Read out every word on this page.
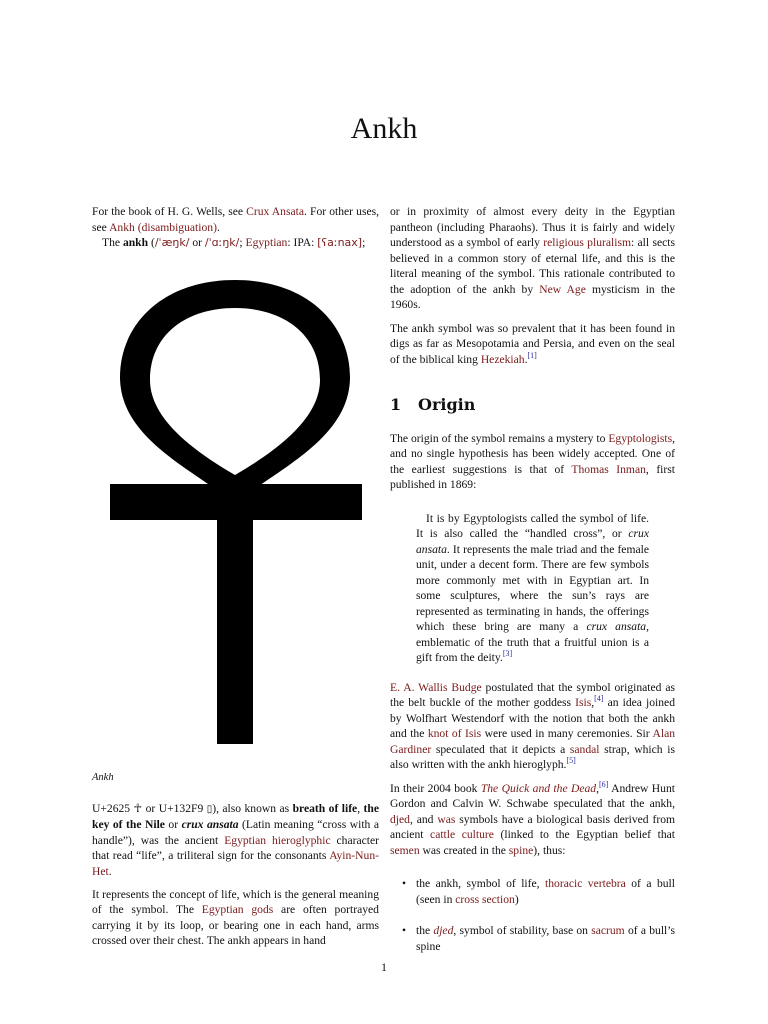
Ankh

For the book of H. G. Wells, see Crux Ansata. For other uses, see Ankh (disambiguation).

The ankh (/ˈæŋk/ or /ˈɑːŋk/; Egyptian: IPA: [ʕaːnax];

Ankh

U+2625 ☥ or U+132F9 ▯), also known as breath of life, the key of the Nile or crux ansata (Latin meaning “cross with a handle”), was the ancient Egyptian hieroglyphic character that read “life”, a triliteral sign for the consonants Ayin-Nun-Het.

It represents the concept of life, which is the general meaning of the symbol. The Egyptian gods are often portrayed carrying it by its loop, or bearing one in each hand, arms crossed over their chest. The ankh appears in hand

or in proximity of almost every deity in the Egyptian pantheon (including Pharaohs). Thus it is fairly and widely understood as a symbol of early religious pluralism: all sects believed in a common story of eternal life, and this is the literal meaning of the symbol. This rationale contributed to the adoption of the ankh by New Age mysticism in the 1960s.

The ankh symbol was so prevalent that it has been found in digs as far as Mesopotamia and Persia, and even on the seal of the biblical king Hezekiah.[1]

1 Origin

The origin of the symbol remains a mystery to Egyptologists, and no single hypothesis has been widely accepted. One of the earliest suggestions is that of Thomas Inman, first published in 1869:

It is by Egyptologists called the symbol of life. It is also called the “handled cross”, or crux ansata. It represents the male triad and the female unit, under a decent form. There are few symbols more commonly met with in Egyptian art. In some sculptures, where the sun’s rays are represented as terminating in hands, the offerings which these bring are many a crux ansata, emblematic of the truth that a fruitful union is a gift from the deity.[3]

E. A. Wallis Budge postulated that the symbol originated as the belt buckle of the mother goddess Isis,[4] an idea joined by Wolfhart Westendorf with the notion that both the ankh and the knot of Isis were used in many ceremonies. Sir Alan Gardiner speculated that it depicts a sandal strap, which is also written with the ankh hieroglyph.[5]

In their 2004 book The Quick and the Dead,[6] Andrew Hunt Gordon and Calvin W. Schwabe speculated that the ankh, djed, and was symbols have a biological basis derived from ancient cattle culture (linked to the Egyptian belief that semen was created in the spine), thus:

• the ankh, symbol of life, thoracic vertebra of a bull (seen in cross section)
• the djed, symbol of stability, base on sacrum of a bull’s spine

1
